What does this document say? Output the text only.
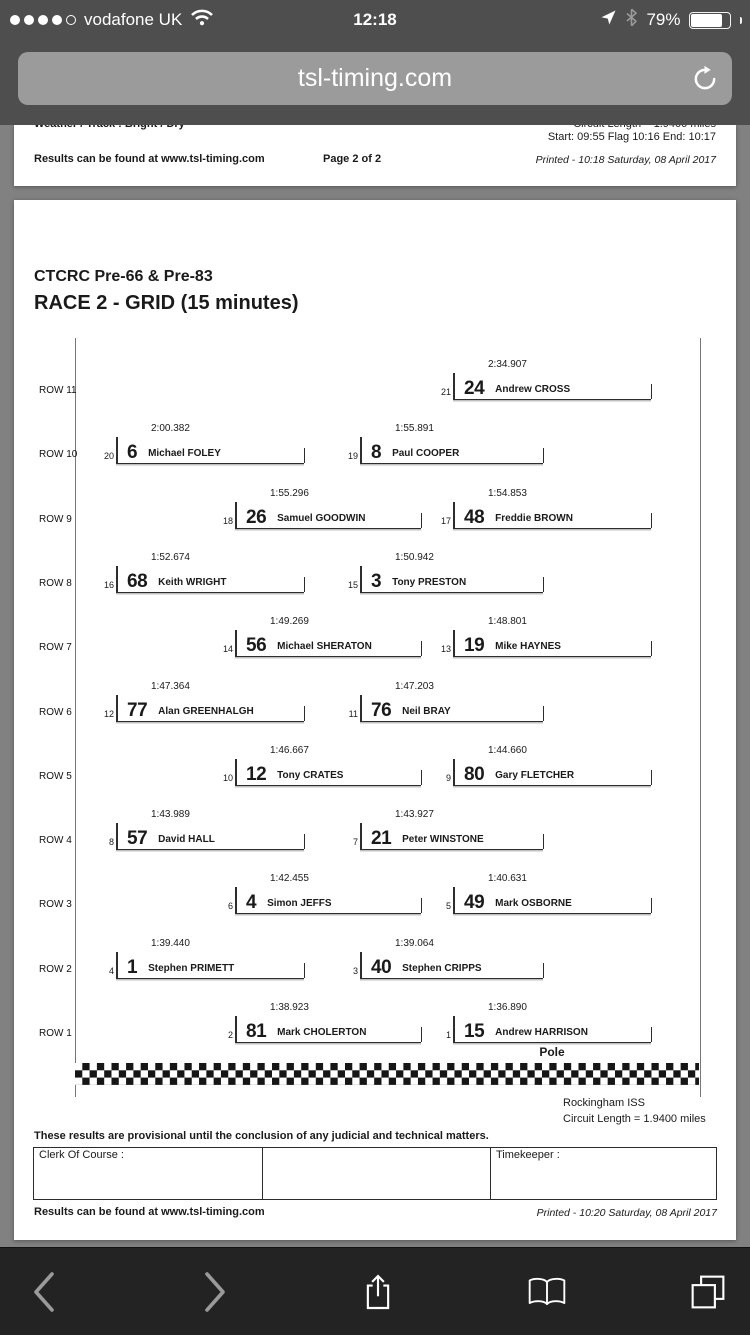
vodafone UK	12:18	79%
tsl-timing.com
Start: 09:55 Flag 10:16 End: 10:17
Results can be found at www.tsl-timing.com	Page 2 of 2	Printed - 10:18 Saturday, 08 April 2017
CTCRC Pre-66 & Pre-83
RACE 2 - GRID (15 minutes)
Pole
ROW 11
2:34.907
21 24 Andrew CROSS
ROW 10
2:00.382
20 6 Michael FOLEY
1:55.891
19 8 Paul COOPER
ROW 9
1:55.296
18 26 Samuel GOODWIN
1:54.853
17 48 Freddie BROWN
ROW 8
1:52.674
16 68 Keith WRIGHT
1:50.942
15 3 Tony PRESTON
ROW 7
1:49.269
14 56 Michael SHERATON
1:48.801
13 19 Mike HAYNES
ROW 6
1:47.364
12 77 Alan GREENHALGH
1:47.203
11 76 Neil BRAY
ROW 5
1:46.667
10 12 Tony CRATES
1:44.660
9 80 Gary FLETCHER
ROW 4
1:43.989
8 57 David HALL
1:43.927
7 21 Peter WINSTONE
ROW 3
1:42.455
6 4 Simon JEFFS
1:40.631
5 49 Mark OSBORNE
ROW 2
1:39.440
4 1 Stephen PRIMETT
1:39.064
3 40 Stephen CRIPPS
ROW 1
1:38.923
2 81 Mark CHOLERTON
1:36.890
1 15 Andrew HARRISON
Rockingham ISS
Circuit Length = 1.9400 miles
These results are provisional until the conclusion of any judicial and technical matters.
Clerk Of Course :	Timekeeper :
Results can be found at www.tsl-timing.com	Printed - 10:20 Saturday, 08 April 2017
